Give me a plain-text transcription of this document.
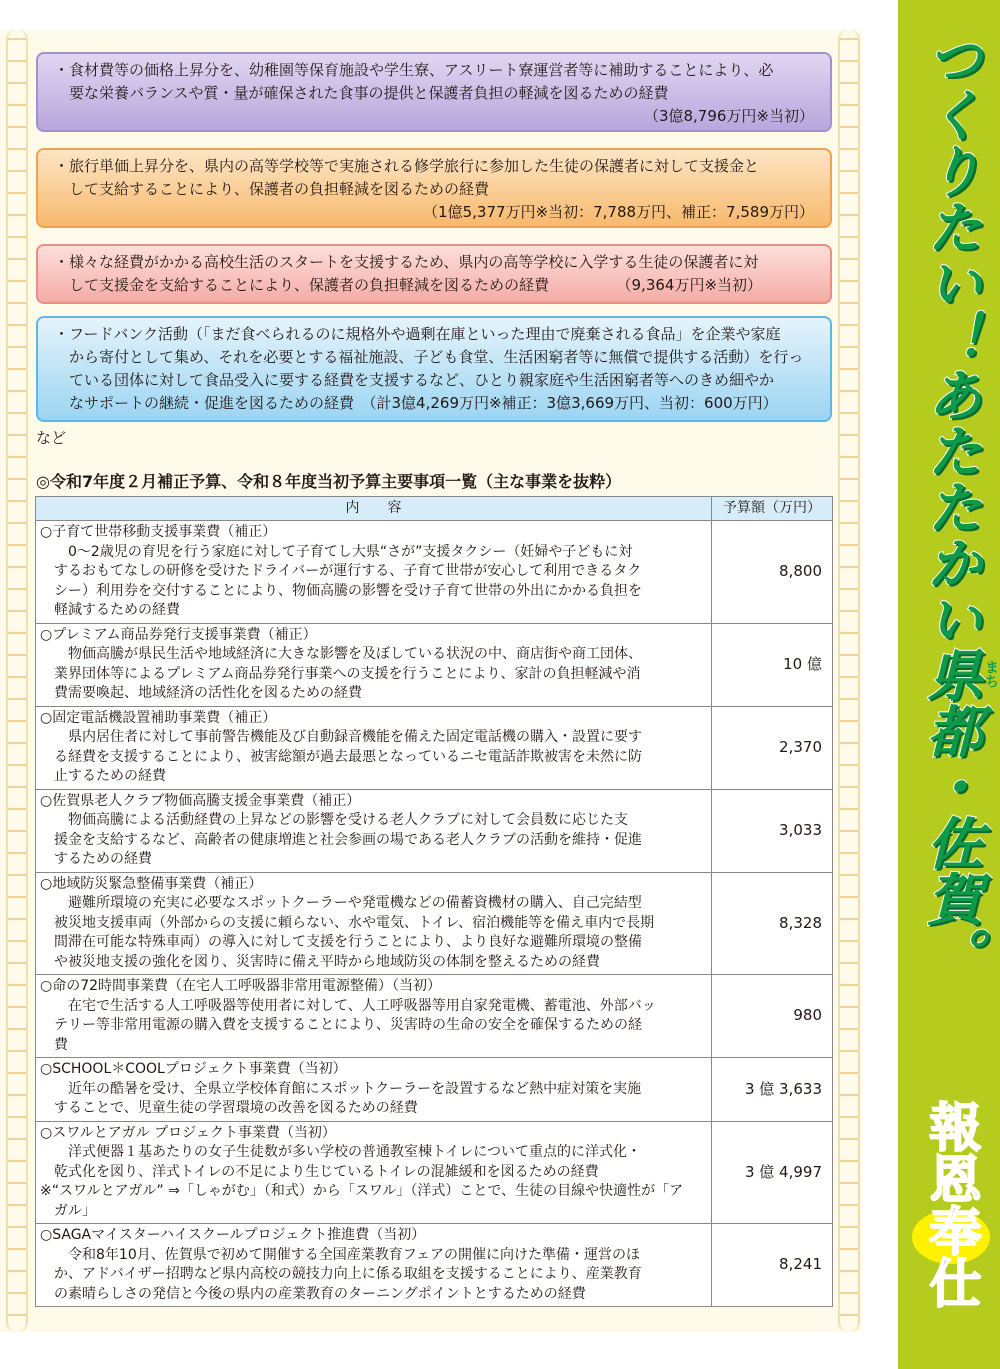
・食材費等の価格上昇分を、幼稚園等保育施設や学生寮、アスリート寮運営者等に補助することにより、必
　要な栄養バランスや質・量が確保された食事の提供と保護者負担の軽減を図るための経費
（3億8,796万円※当初）
・旅行単価上昇分を、県内の高等学校等で実施される修学旅行に参加した生徒の保護者に対して支援金と
　して支給することにより、保護者の負担軽減を図るための経費
（1億5,377万円※当初：7,788万円、補正：7,589万円）
・様々な経費がかかる高校生活のスタートを支援するため、県内の高等学校に入学する生徒の保護者に対
　して支援金を支給することにより、保護者の負担軽減を図るための経費　　　　　（9,364万円※当初）
・フードバンク活動（「まだ食べられるのに規格外や過剰在庫といった理由で廃棄される食品」を企業や家庭
　から寄付として集め、それを必要とする福祉施設、子ども食堂、生活困窮者等に無償で提供する活動）を行っ
　ている団体に対して食品受入に要する経費を支援するなど、ひとり親家庭や生活困窮者等へのきめ細やか
　なサポートの継続・促進を図るための経費　（計3億4,269万円※補正：3億3,669万円、当初：600万円）
など
◎令和7年度２月補正予算、令和８年度当初予算主要事項一覧（主な事業を抜粋）
内　　容	予算額（万円）

○子育て世帯移動支援事業費（補正）
　　0～2歳児の育児を行う家庭に対して子育てし大県“さが”支援タクシー（妊婦や子どもに対
　するおもてなしの研修を受けたドライバーが運行する、子育て世帯が安心して利用できるタク
　シー）利用券を交付することにより、物価高騰の影響を受け子育て世帯の外出にかかる負担を
　軽減するための経費	8,800

○プレミアム商品券発行支援事業費（補正）
　　物価高騰が県民生活や地域経済に大きな影響を及ぼしている状況の中、商店街や商工団体、
　業界団体等によるプレミアム商品券発行事業への支援を行うことにより、家計の負担軽減や消
　費需要喚起、地域経済の活性化を図るための経費	10 億

○固定電話機設置補助事業費（補正）
　　県内居住者に対して事前警告機能及び自動録音機能を備えた固定電話機の購入・設置に要す
　る経費を支援することにより、被害総額が過去最悪となっているニセ電話詐欺被害を未然に防
　止するための経費	2,370

○佐賀県老人クラブ物価高騰支援金事業費（補正）
　　物価高騰による活動経費の上昇などの影響を受ける老人クラブに対して会員数に応じた支
　援金を支給するなど、高齢者の健康増進と社会参画の場である老人クラブの活動を維持・促進
　するための経費	3,033

○地域防災緊急整備事業費（補正）
　　避難所環境の充実に必要なスポットクーラーや発電機などの備蓄資機材の購入、自己完結型
　被災地支援車両（外部からの支援に頼らない、水や電気、トイレ、宿泊機能等を備え車内で長期
　間滞在可能な特殊車両）の導入に対して支援を行うことにより、より良好な避難所環境の整備
　や被災地支援の強化を図り、災害時に備え平時から地域防災の体制を整えるための経費	8,328

○命の72時間事業費（在宅人工呼吸器非常用電源整備）（当初）
　　在宅で生活する人工呼吸器等使用者に対して、人工呼吸器等用自家発電機、蓄電池、外部バッ
　テリー等非常用電源の購入費を支援することにより、災害時の生命の安全を確保するための経
　費	980

○SCHOOL＊COOLプロジェクト事業費（当初）
　　近年の酷暑を受け、全県立学校体育館にスポットクーラーを設置するなど熱中症対策を実施
　することで、児童生徒の学習環境の改善を図るための経費	3 億 3,633

○スワルとアガル プロジェクト事業費（当初）
　　洋式便器１基あたりの女子生徒数が多い学校の普通教室棟トイレについて重点的に洋式化・
　乾式化を図り、洋式トイレの不足により生じているトイレの混雑緩和を図るための経費
※“スワルとアガル” ⇒「しゃがむ」（和式）から「スワル」（洋式）ことで、生徒の目線や快適性が「ア
　ガル」	3 億 4,997

○SAGAマイスターハイスクールプロジェクト推進費（当初）
　　令和8年10月、佐賀県で初めて開催する全国産業教育フェアの開催に向けた準備・運営のほ
　か、アドバイザー招聘など県内高校の競技力向上に係る取組を支援することにより、産業教育
　の素晴らしさの発信と今後の県内の産業教育のターニングポイントとするための経費	8,241
つくりたい！あたたかい県都・佐賀。 まち
報恩奉仕
